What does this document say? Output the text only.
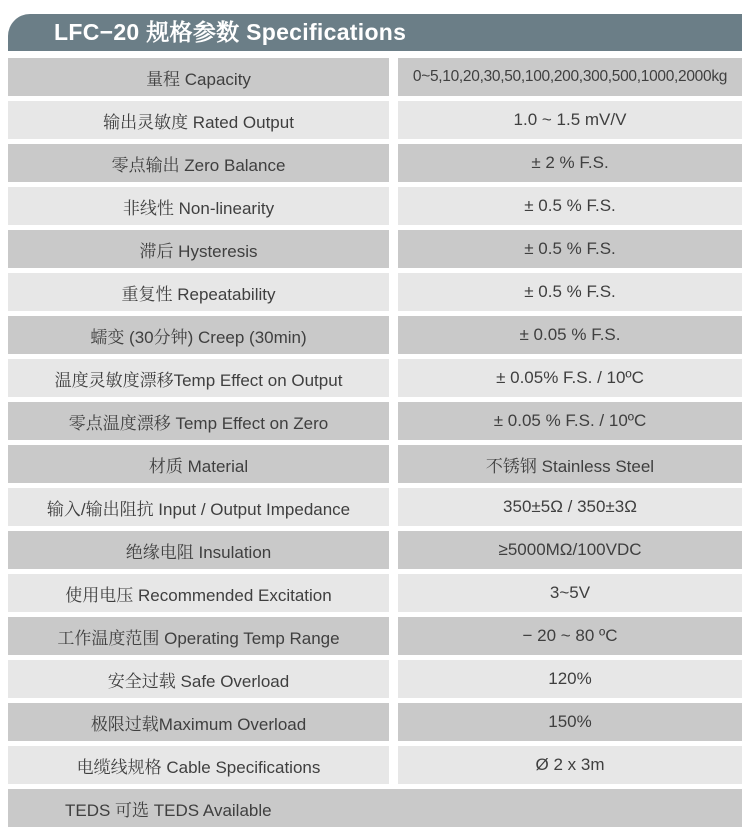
LFC−20 规格参数 Specifications
量程 Capacity	0~5,10,20,30,50,100,200,300,500,1000,2000kg
输出灵敏度 Rated Output	1.0 ~ 1.5 mV/V
零点输出 Zero Balance	± 2 % F.S.
非线性 Non-linearity	± 0.5 % F.S.
滞后 Hysteresis	± 0.5 % F.S.
重复性 Repeatability	± 0.5 % F.S.
蠕变 (30分钟) Creep (30min)	± 0.05 % F.S.
温度灵敏度漂移Temp Effect on Output	± 0.05% F.S. / 10ºC
零点温度漂移 Temp Effect on Zero	± 0.05 % F.S. / 10ºC
材质 Material	不锈钢 Stainless Steel
输入/输出阻抗 Input / Output Impedance	350±5Ω / 350±3Ω
绝缘电阻 Insulation	≥5000MΩ/100VDC
使用电压 Recommended Excitation	3~5V
工作温度范围 Operating Temp Range	− 20 ~ 80 ºC
安全过载 Safe Overload	120%
极限过载Maximum Overload	150%
电缆线规格 Cable Specifications	Ø 2 x 3m
TEDS 可选 TEDS Available
